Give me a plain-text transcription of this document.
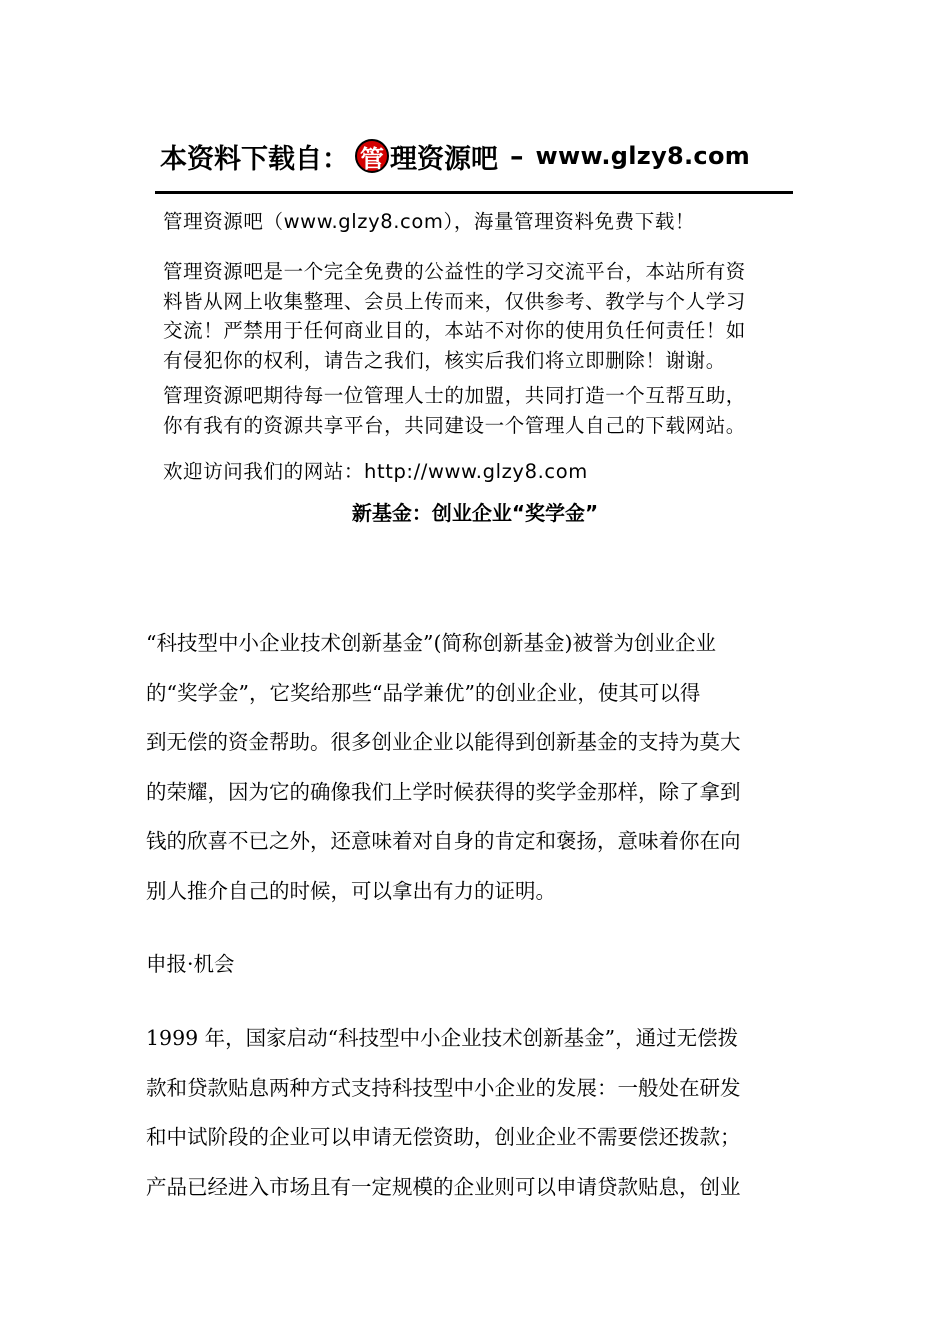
本资料下载自： 管 理资源吧 – www.glzy8.com

管理资源吧（www.glzy8.com），海量管理资料免费下载！

管理资源吧是一个完全免费的公益性的学习交流平台，本站所有资

料皆从网上收集整理、会员上传而来，仅供参考、教学与个人学习

交流！严禁用于任何商业目的，本站不对你的使用负任何责任！如

有侵犯你的权利，请告之我们，核实后我们将立即删除！谢谢。

管理资源吧期待每一位管理人士的加盟，共同打造一个互帮互助，

你有我有的资源共享平台，共同建设一个管理人自己的下载网站。

欢迎访问我们的网站：http://www.glzy8.com

新基金：创业企业“奖学金”

“科技型中小企业技术创新基金”(简称创新基金)被誉为创业企业

的“奖学金”，它奖给那些“品学兼优”的创业企业，使其可以得

到无偿的资金帮助。很多创业企业以能得到创新基金的支持为莫大

的荣耀，因为它的确像我们上学时候获得的奖学金那样，除了拿到

钱的欣喜不已之外，还意味着对自身的肯定和褒扬，意味着你在向

别人推介自己的时候，可以拿出有力的证明。

申报·机会

1999 年，国家启动“科技型中小企业技术创新基金”，通过无偿拨

款和贷款贴息两种方式支持科技型中小企业的发展：一般处在研发

和中试阶段的企业可以申请无偿资助，创业企业不需要偿还拨款；

产品已经进入市场且有一定规模的企业则可以申请贷款贴息，创业
